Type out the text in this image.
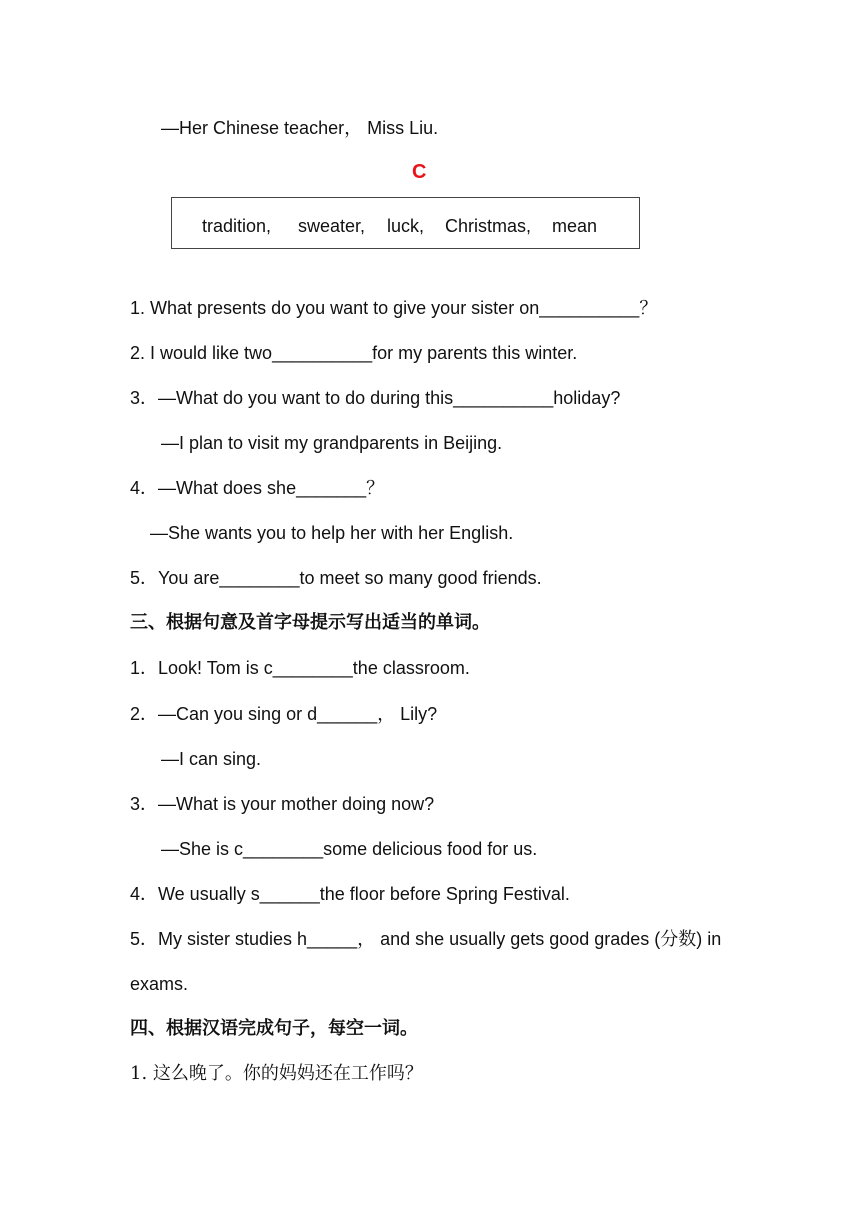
—Her Chinese teacher， Miss Liu.
C
tradition, sweater, luck, Christmas, mean
1. What presents do you want to give your sister on__________？
2. I would like two__________for my parents this winter.
3．—What do you want to do during this__________holiday?
—I plan to visit my grandparents in Beijing.
4．—What does she_______？
—She wants you to help her with her English.
5．You are________to meet so many good friends.
三、根据句意及首字母提示写出适当的单词。
1．Look! Tom is c________the classroom.
2．—Can you sing or d______， Lily?
—I can sing.
3．—What is your mother doing now?
—She is c________some delicious food for us.
4．We usually s______the floor before Spring Festival.
5．My sister studies h_____， and she usually gets good grades (分数) in
exams.
四、根据汉语完成句子，每空一词。
1. 这么晚了。你的妈妈还在工作吗？
